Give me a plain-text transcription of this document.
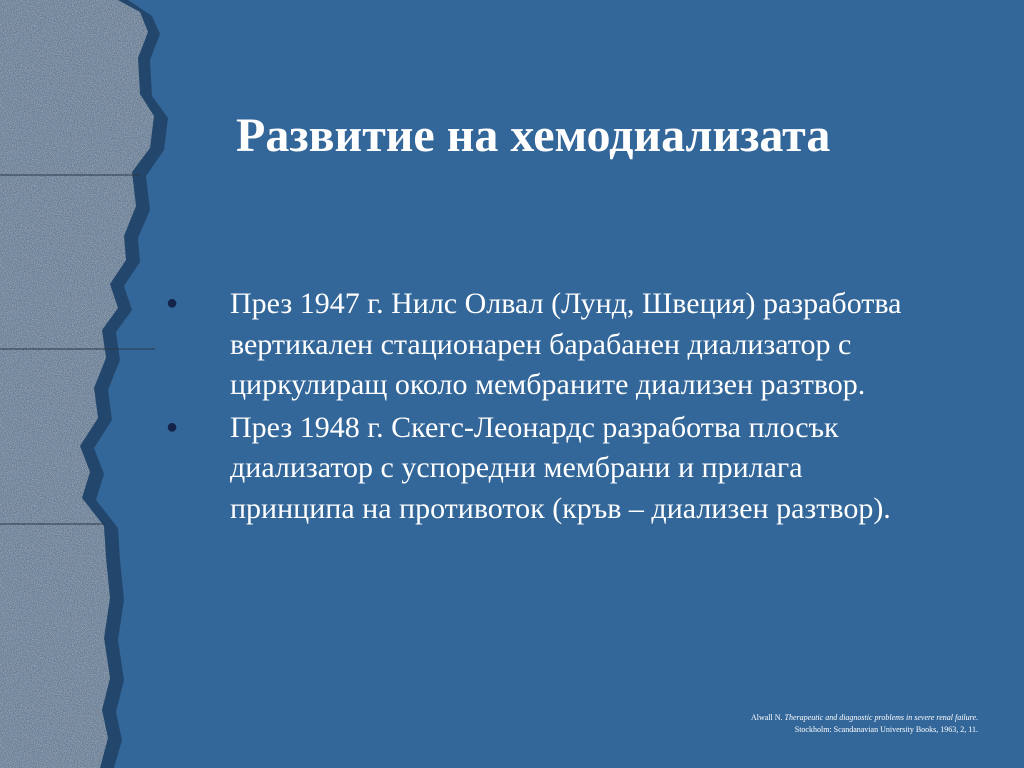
Развитие на хемодиализата
● През 1947 г. Нилс Олвал (Лунд, Швеция) разработва вертикален стационарен барабанен диализатор с циркулиращ около мембраните диализен разтвор.
● През 1948 г. Скегс-Леонардс разработва плосък диализатор с успоредни мембрани и прилага принципа на противоток (кръв – диализен разтвор).
Alwall N. Therapeutic and diagnostic problems in severe renal failure.
Stockholm: Scandanavian University Books, 1963, 2, 11.
